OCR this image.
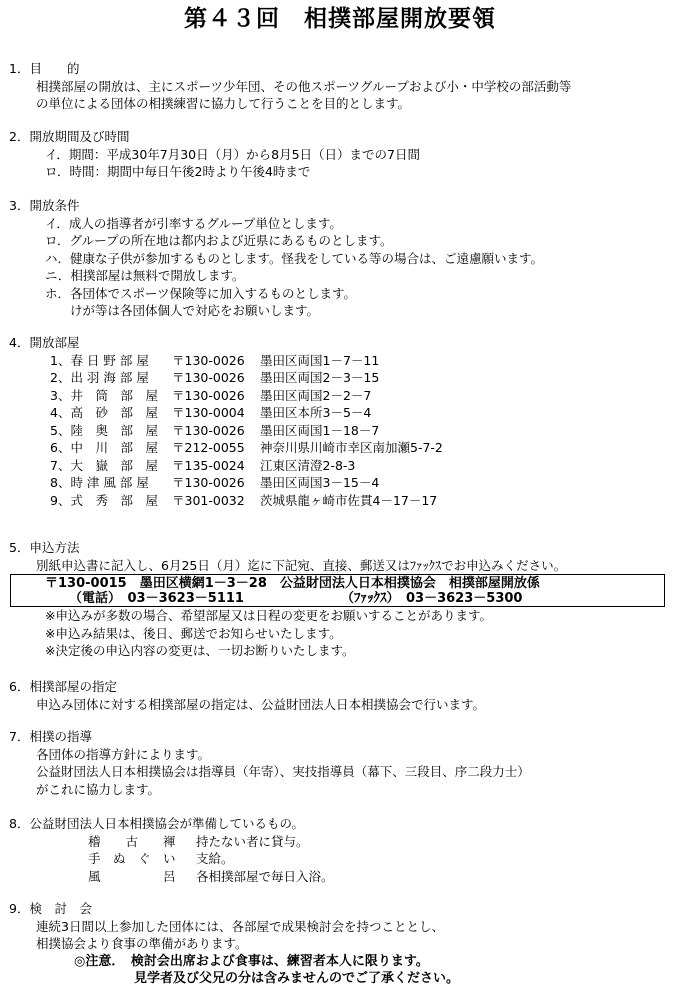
第４３回　相撲部屋開放要領
1．目　　的
相撲部屋の開放は、主にスポーツ少年団、その他スポーツグループおよび小・中学校の部活動等
の単位による団体の相撲練習に協力して行うことを目的とします。
2．開放期間及び時間
イ．期間：平成30年7月30日（月）から8月5日（日）までの7日間
ロ．時間：期間中毎日午後2時より午後4時まで
3．開放条件
イ．成人の指導者が引率するグループ単位とします。
ロ．グループの所在地は都内および近県にあるものとします。
ハ．健康な子供が参加するものとします。怪我をしている等の場合は、ご遠慮願います。
ニ．相撲部屋は無料で開放します。
ホ．各団体でスポーツ保険等に加入するものとします。
　　けが等は各団体個人で対応をお願いします。
4．開放部屋
1、春 日 野 部 屋	〒130-0026	墨田区両国1－7－11
2、出 羽 海 部 屋	〒130-0026	墨田区両国2－3－15
3、井　筒　部　屋	〒130-0026	墨田区両国2－2－7
4、高　砂　部　屋	〒130-0004	墨田区本所3－5－4
5、陸　奥　部　屋	〒130-0026	墨田区両国1－18－7
6、中　川　部　屋	〒212-0055	神奈川県川崎市幸区南加瀬5-7-2
7、大　嶽　部　屋	〒135-0024	江東区清澄2-8-3
8、時 津 風 部 屋	〒130-0026	墨田区両国3－15－4
9、式　秀　部　屋	〒301-0032	茨城県龍ヶ崎市佐貫4－17－17
5．申込方法
別紙申込書に記入し、6月25日（月）迄に下記宛、直接、郵送又はﾌｧｯｸｽでお申込みください。
〒130-0015　墨田区横網1－3－28　公益財団法人日本相撲協会　相撲部屋開放係
（電話）　03－3623－5111	（ﾌｧｯｸｽ）　03－3623－5300
※申込みが多数の場合、希望部屋又は日程の変更をお願いすることがあります。
※申込み結果は、後日、郵送でお知らせいたします。
※決定後の申込内容の変更は、一切お断りいたします。
6．相撲部屋の指定
申込み団体に対する相撲部屋の指定は、公益財団法人日本相撲協会で行います。
7．相撲の指導
各団体の指導方針によります。
公益財団法人日本相撲協会は指導員（年寄）、実技指導員（幕下、三段目、序二段力士）
がこれに協力します。
8．公益財団法人日本相撲協会が準備しているもの。
稽　　古　　褌	持たない者に貸与。
手　ぬ　ぐ　い	支給。
風　　　　　呂	各相撲部屋で毎日入浴。
9．検　討　会
連続3日間以上参加した団体には、各部屋で成果検討会を持つこととし、
相撲協会より食事の準備があります。
◎注意．　検討会出席および食事は、練習者本人に限ります。
見学者及び父兄の分は含みませんのでご了承ください。
